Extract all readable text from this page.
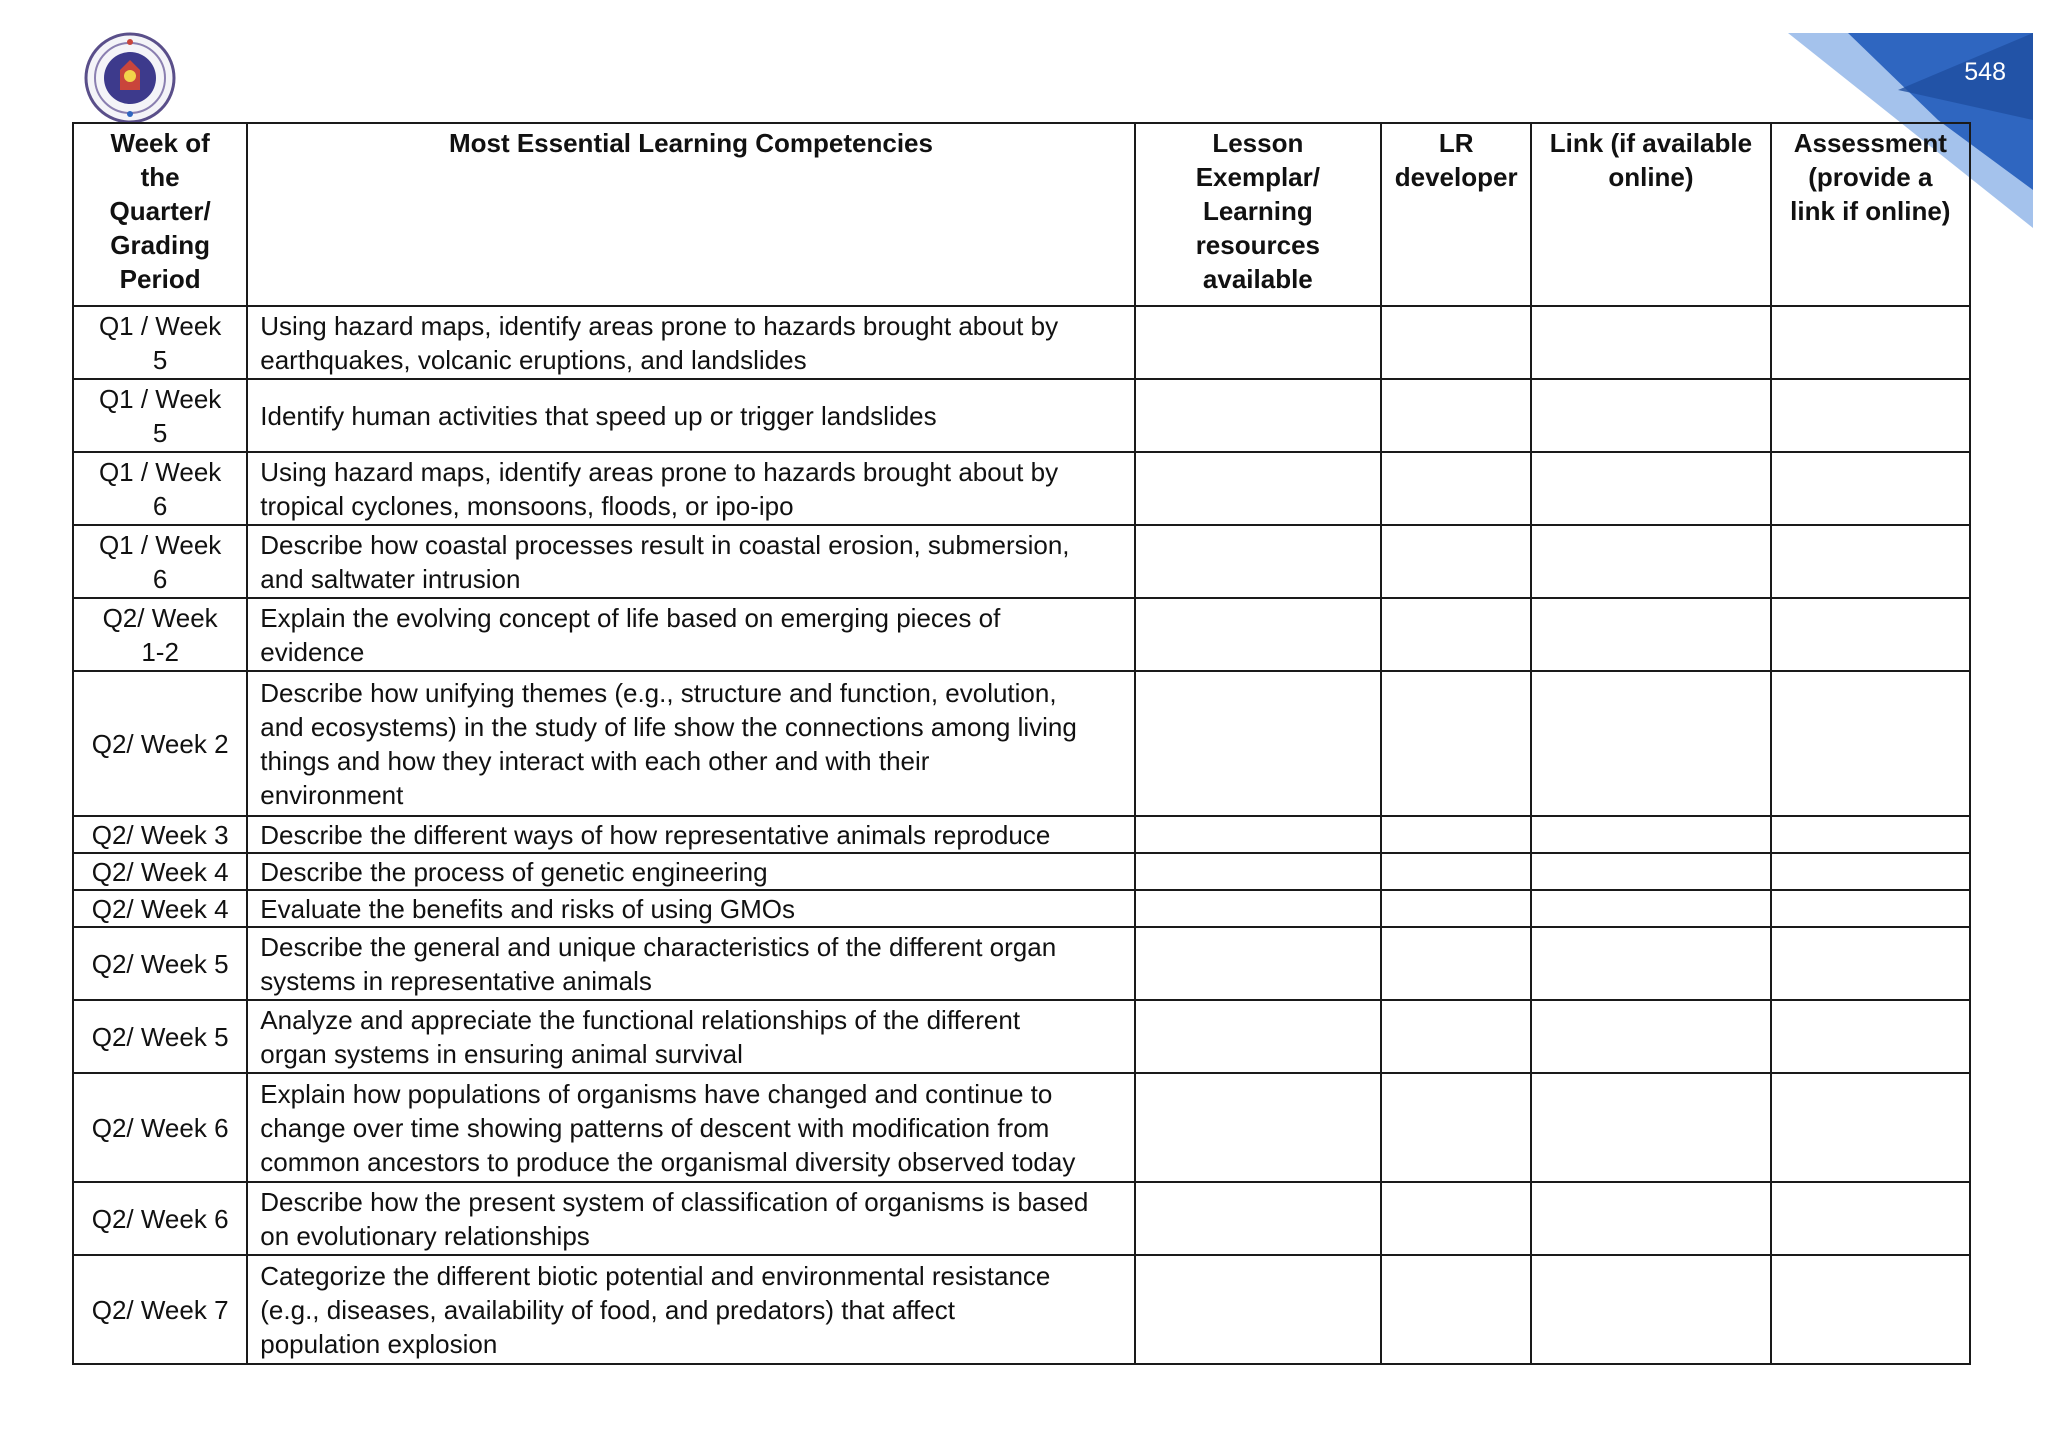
548
Week of
the
Quarter/
Grading
Period	Most Essential Learning Competencies	Lesson Exemplar/
Learning
resources
available	LR
developer	Link (if available
online)	Assessment
(provide a
link if online)

Q1 / Week
5	Using hazard maps, identify areas prone to hazards brought about by
earthquakes, volcanic eruptions, and landslides				

Q1 / Week
5	Identify human activities that speed up or trigger landslides				

Q1 / Week
6	Using hazard maps, identify areas prone to hazards brought about by
tropical cyclones, monsoons, floods, or ipo-ipo				

Q1 / Week
6	Describe how coastal processes result in coastal erosion, submersion,
and saltwater intrusion				

Q2/ Week
1-2	Explain the evolving concept of life based on emerging pieces of
evidence				

Q2/ Week 2	Describe how unifying themes (e.g., structure and function, evolution,
and ecosystems) in the study of life show the connections among living
things and how they interact with each other and with their
environment				

Q2/ Week 3	Describe the different ways of how representative animals reproduce				

Q2/ Week 4	Describe the process of genetic engineering				

Q2/ Week 4	Evaluate the benefits and risks of using GMOs				

Q2/ Week 5	Describe the general and unique characteristics of the different organ
systems in representative animals				

Q2/ Week 5	Analyze and appreciate the functional relationships of the different
organ systems in ensuring animal survival				

Q2/ Week 6	Explain how populations of organisms have changed and continue to
change over time showing patterns of descent with modification from
common ancestors to produce the organismal diversity observed today				

Q2/ Week 6	Describe how the present system of classification of organisms is based
on evolutionary relationships				

Q2/ Week 7	Categorize the different biotic potential and environmental resistance
(e.g., diseases, availability of food, and predators) that affect
population explosion				
